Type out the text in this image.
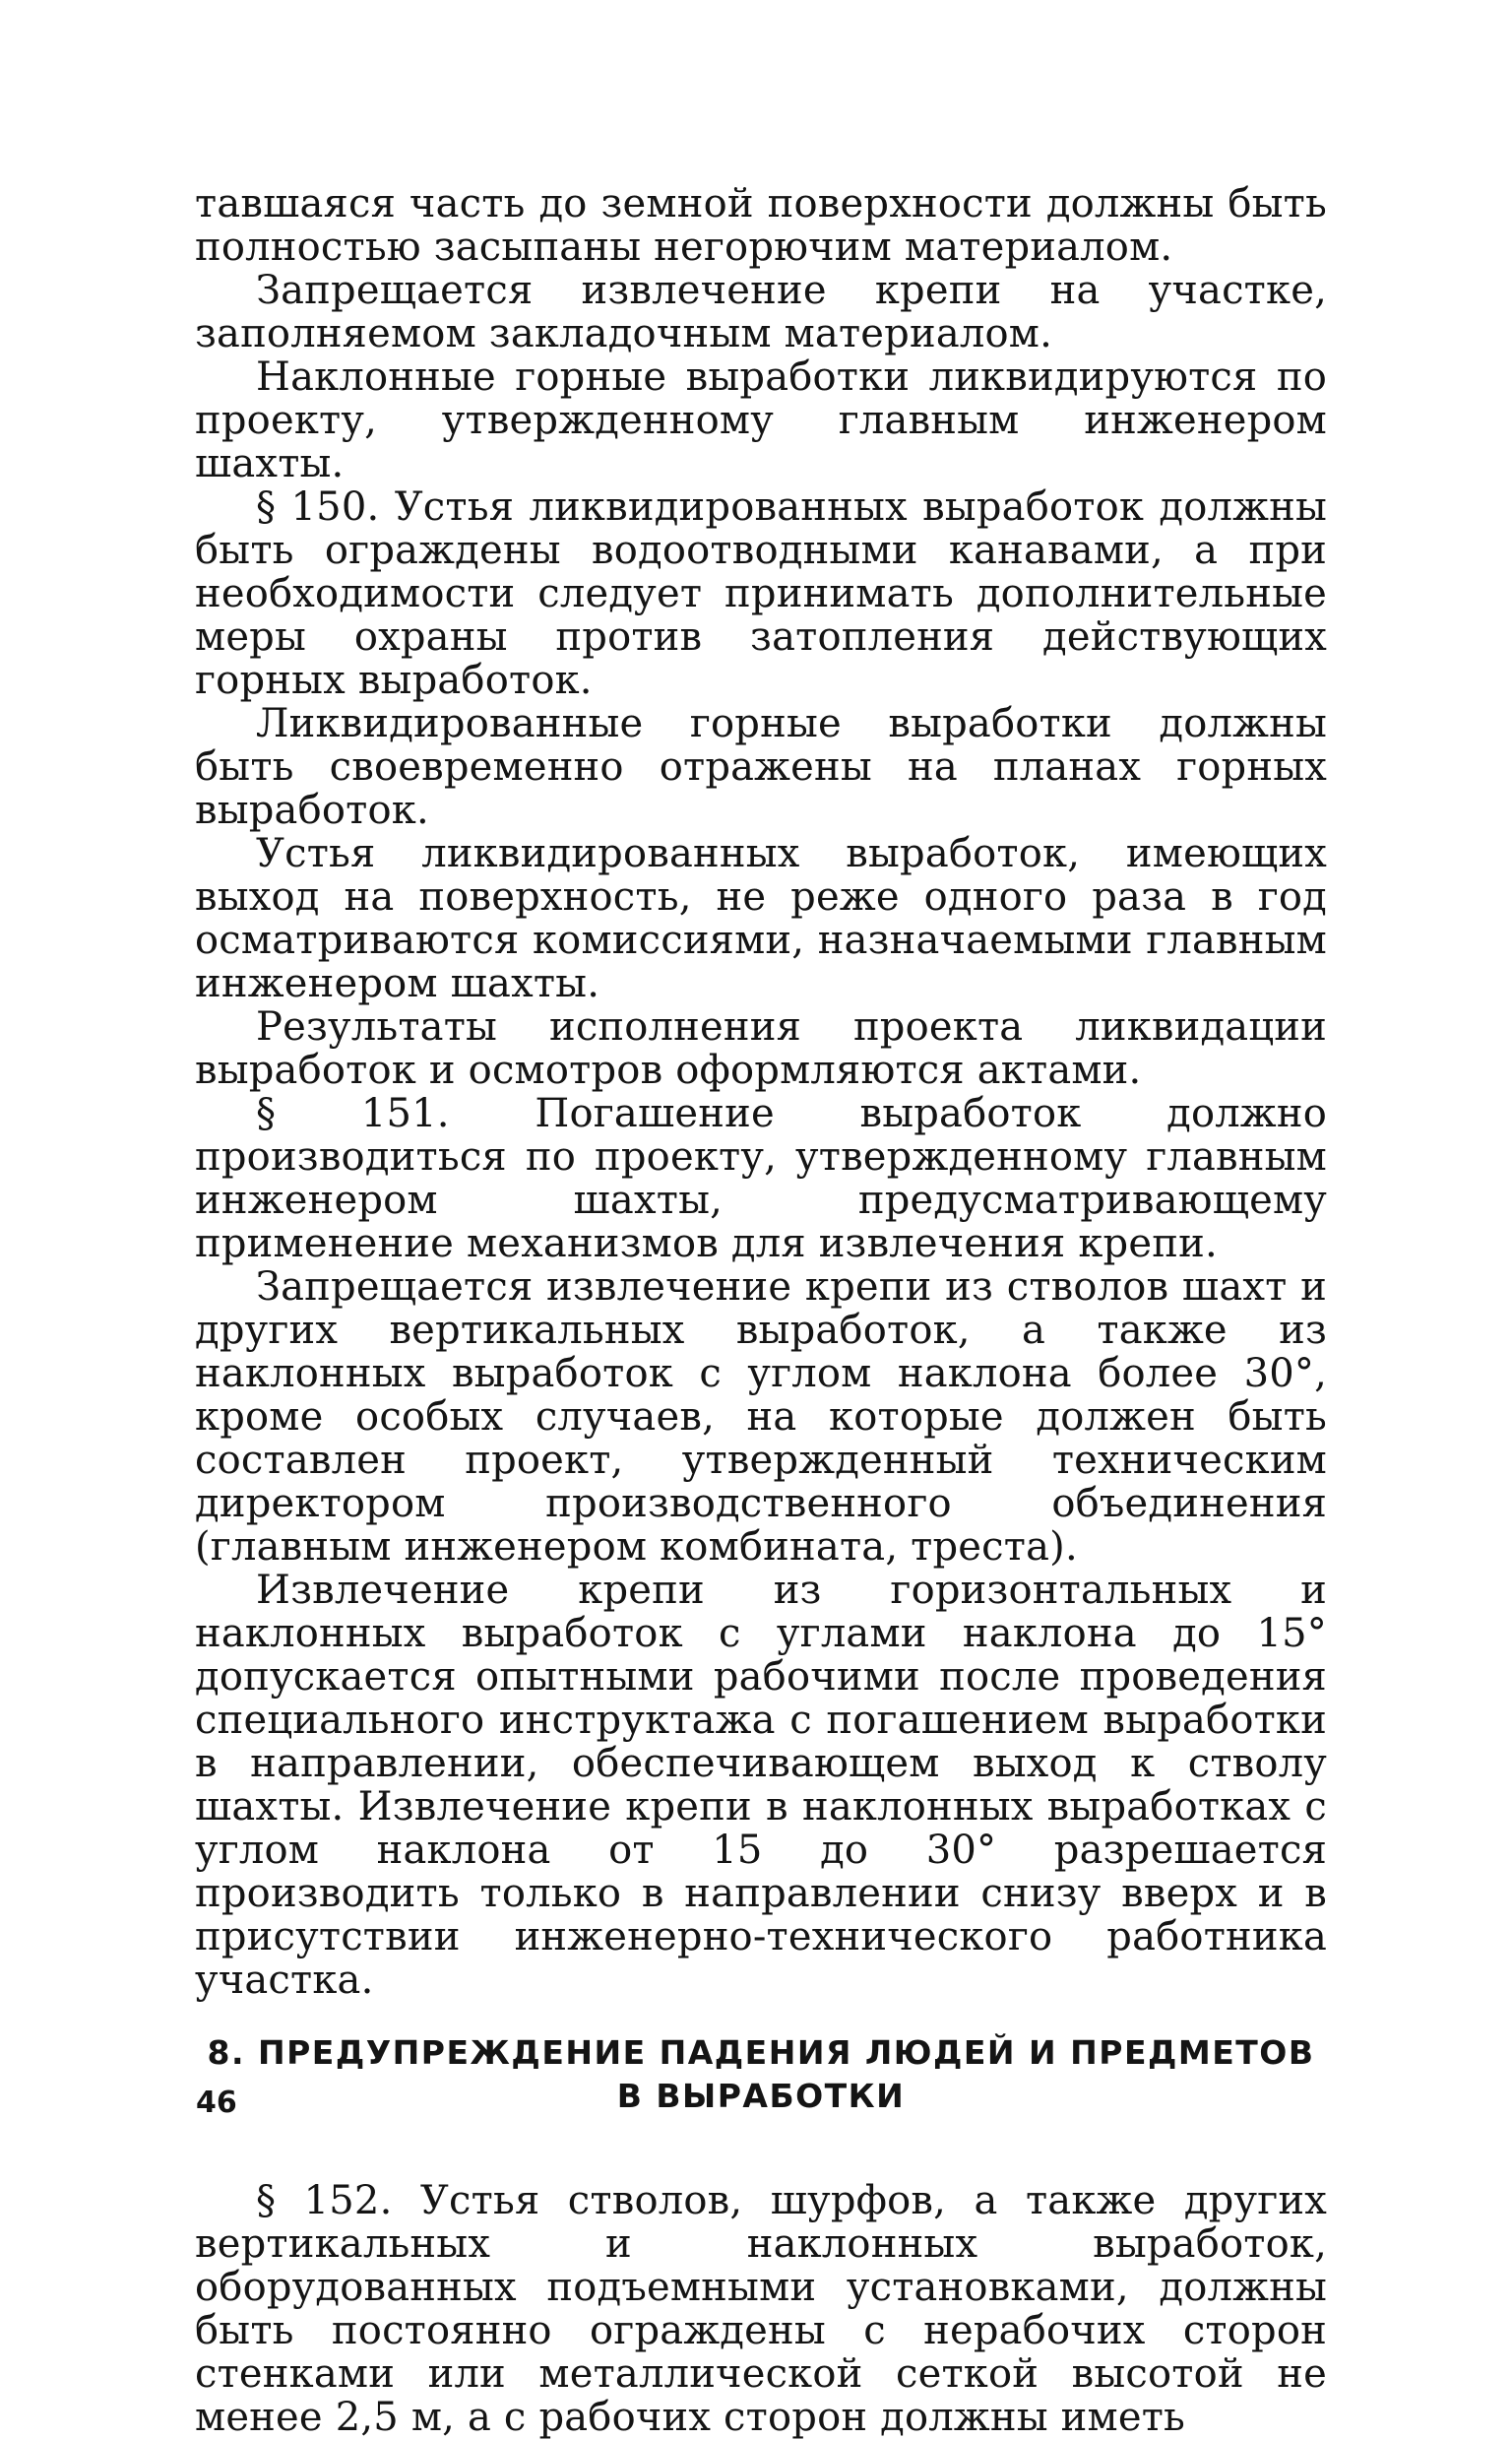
тавшаяся часть до земной поверхности должны быть полностью засыпаны негорючим материалом.

Запрещается извлечение крепи на участке, заполняемом закладочным материалом.

Наклонные горные выработки ликвидируются по проекту, утвержденному главным инженером шахты.

§ 150. Устья ликвидированных выработок должны быть ограждены водоотводными канавами, а при необходимости следует принимать дополнительные меры охраны против затопления действующих горных выработок.

Ликвидированные горные выработки должны быть своевременно отражены на планах горных выработок.

Устья ликвидированных выработок, имеющих выход на поверхность, не реже одного раза в год осматриваются комиссиями, назначаемыми главным инженером шахты.

Результаты исполнения проекта ликвидации выработок и осмотров оформляются актами.

§ 151. Погашение выработок должно производиться по проекту, утвержденному главным инженером шахты, предусматривающему применение механизмов для извлечения крепи.

Запрещается извлечение крепи из стволов шахт и других вертикальных выработок, а также из наклонных выработок с углом наклона более 30°, кроме особых случаев, на которые должен быть составлен проект, утвержденный техническим директором производственного объединения (главным инженером комбината, треста).

Извлечение крепи из горизонтальных и наклонных выработок с углами наклона до 15° допускается опытными рабочими после проведения специального инструктажа с погашением выработки в направлении, обеспечивающем выход к стволу шахты. Извлечение крепи в наклонных выработках с углом наклона от 15 до 30° разрешается производить только в направлении снизу вверх и в присутствии инженерно-технического работника участка.

8. ПРЕДУПРЕЖДЕНИЕ ПАДЕНИЯ ЛЮДЕЙ И ПРЕДМЕТОВ
В ВЫРАБОТКИ

§ 152. Устья стволов, шурфов, а также других вертикальных и наклонных выработок, оборудованных подъемными установками, должны быть постоянно ограждены с нерабочих сторон стенками или металлической сеткой высотой не менее 2,5 м, а с рабочих сторон должны иметь

46
